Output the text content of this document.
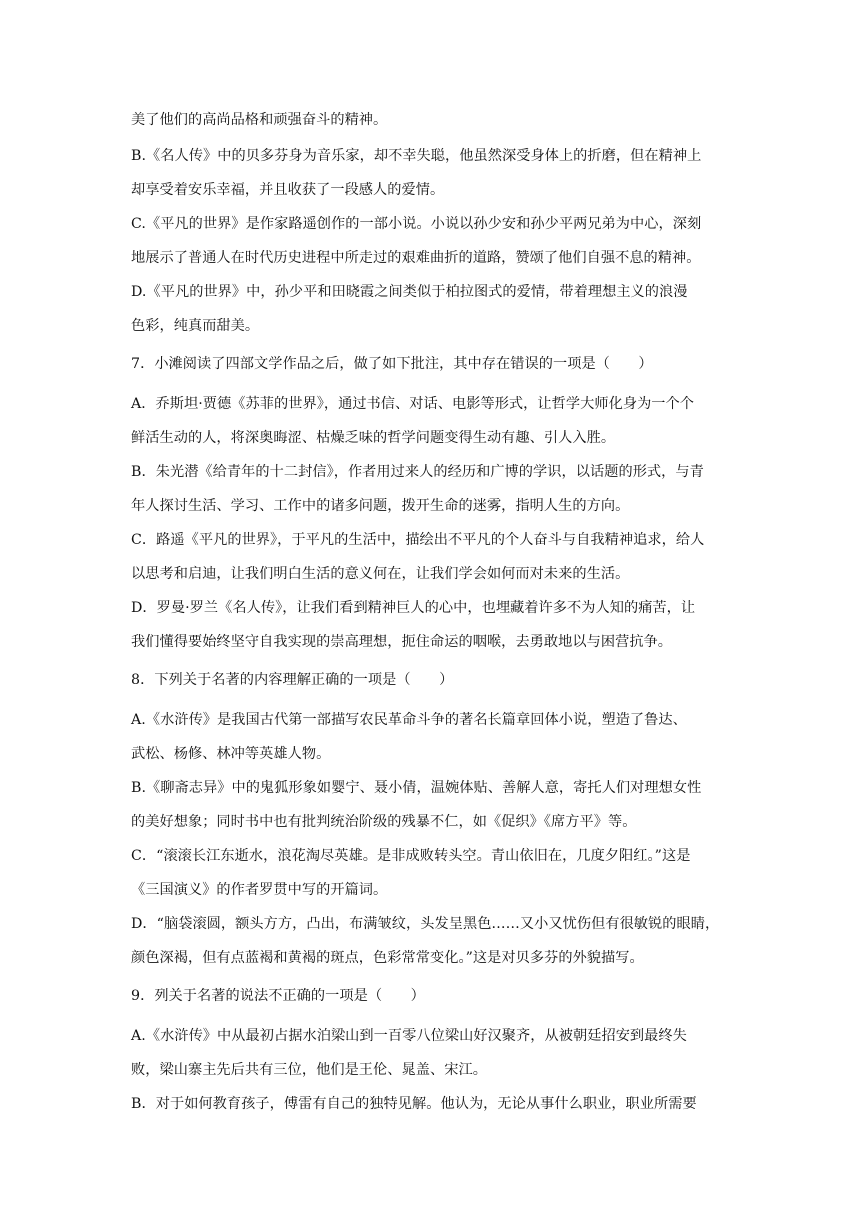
美了他们的高尚品格和顽强奋斗的精神。
B.《名人传》中的贝多芬身为音乐家，却不幸失聪，他虽然深受身体上的折磨，但在精神上
却享受着安乐幸福，并且收获了一段感人的爱情。
C.《平凡的世界》是作家路遥创作的一部小说。小说以孙少安和孙少平两兄弟为中心，深刻
地展示了普通人在时代历史进程中所走过的艰难曲折的道路，赞颂了他们自强不息的精神。
D.《平凡的世界》中，孙少平和田晓霞之间类似于柏拉图式的爱情，带着理想主义的浪漫
色彩，纯真而甜美。
7．小滩阅读了四部文学作品之后，做了如下批注，其中存在错误的一项是（　　）
A．乔斯坦·贾德《苏菲的世界》，通过书信、对话、电影等形式，让哲学大师化身为一个个
鲜活生动的人，将深奥晦涩、枯燥乏味的哲学问题变得生动有趣、引人入胜。
B．朱光潜《给青年的十二封信》，作者用过来人的经历和广博的学识，以话题的形式，与青
年人探讨生活、学习、工作中的诸多问题，拨开生命的迷雾，指明人生的方向。
C．路遥《平凡的世界》，于平凡的生活中，描绘出不平凡的个人奋斗与自我精神追求，给人
以思考和启迪，让我们明白生活的意义何在，让我们学会如何而对未来的生活。
D．罗曼·罗兰《名人传》，让我们看到精神巨人的心中，也埋藏着许多不为人知的痛苦，让
我们懂得要始终坚守自我实现的崇高理想，扼住命运的咽喉，去勇敢地以与困营抗争。
8．下列关于名著的内容理解正确的一项是（　　）
A.《水浒传》是我国古代第一部描写农民革命斗争的著名长篇章回体小说，塑造了鲁达、
武松、杨修、林冲等英雄人物。
B.《聊斋志异》中的鬼狐形象如婴宁、聂小倩，温婉体贴、善解人意，寄托人们对理想女性
的美好想象；同时书中也有批判统治阶级的残暴不仁，如《促织》《席方平》等。
C．“滚滚长江东逝水，浪花淘尽英雄。是非成败转头空。青山依旧在，几度夕阳红。”这是
《三国演义》的作者罗贯中写的开篇词。
D．“脑袋滚圆，额头方方，凸出，布满皱纹，头发呈黑色……又小又忧伤但有很敏锐的眼睛，
颜色深褐，但有点蓝褐和黄褐的斑点，色彩常常变化。”这是对贝多芬的外貌描写。
9．列关于名著的说法不正确的一项是（　　）
A.《水浒传》中从最初占据水泊梁山到一百零八位梁山好汉聚齐，从被朝廷招安到最终失
败，梁山寨主先后共有三位，他们是王伦、晁盖、宋江。
B．对于如何教育孩子，傅雷有自己的独特见解。他认为，无论从事什么职业，职业所需要
